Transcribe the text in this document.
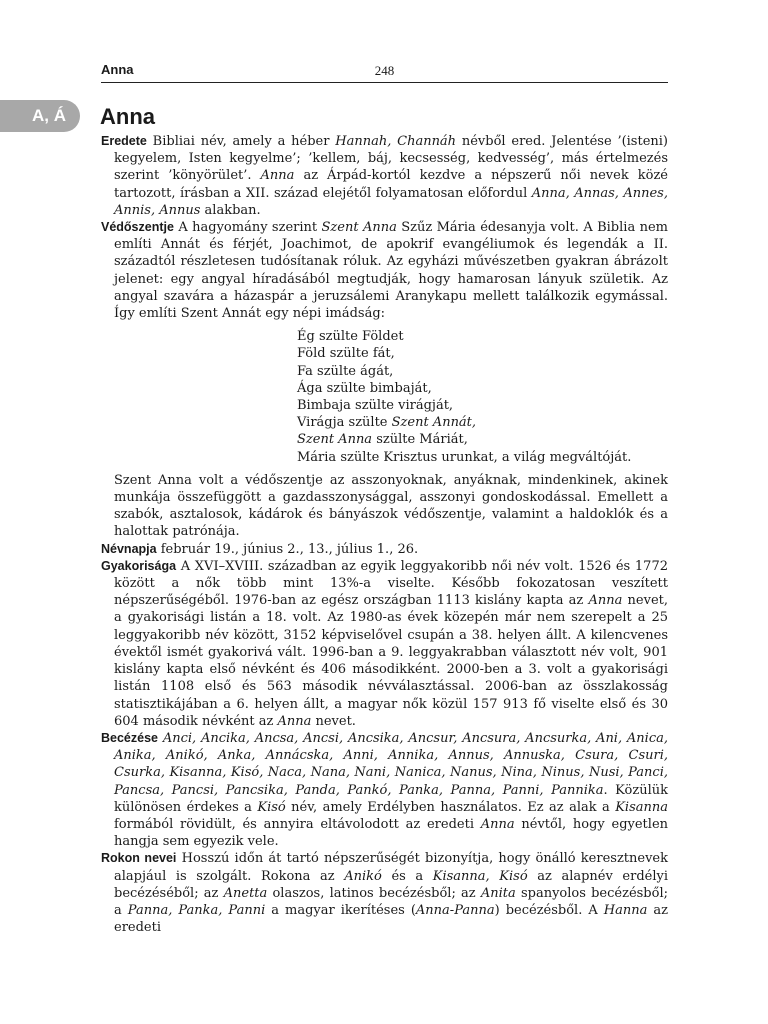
Anna	248
A, Á	Anna

Eredete Bibliai név, amely a héber Hannah, Channáh névből ered. Jelentése ’(isteni) kegyelem, Isten kegyelme’; ’kellem, báj, kecsesség, kedvesség’, más értelmezés szerint ’könyörület’. Anna az Árpád-kortól kezdve a népszerű női nevek közé tartozott, írásban a XII. század elejétől folyamatosan előfordul Anna, Annas, Annes, Annis, Annus alakban.

Védőszentje A hagyomány szerint Szent Anna Szűz Mária édesanyja volt. A Biblia nem említi Annát és férjét, Joachimot, de apokrif evangéliumok és legendák a II. századtól részletesen tudósítanak róluk. Az egyházi művészetben gyakran ábrázolt jelenet: egy angyal híradásából megtudják, hogy hamarosan lányuk születik. Az angyal szavára a házaspár a jeruzsálemi Aranykapu mellett találkozik egymással. Így említi Szent Annát egy népi imádság:

Ég szülte Földet
Föld szülte fát,
Fa szülte ágát,
Ága szülte bimbaját,
Bimbaja szülte virágját,
Virágja szülte Szent Annát,
Szent Anna szülte Máriát,
Mária szülte Krisztus urunkat, a világ megváltóját.

Szent Anna volt a védőszentje az asszonyoknak, anyáknak, mindenkinek, akinek munkája összefüggött a gazdasszonysággal, asszonyi gondoskodással. Emellett a szabók, asztalosok, kádárok és bányászok védőszentje, valamint a haldoklók és a halottak patrónája.

Névnapja február 19., június 2., 13., július 1., 26.

Gyakorisága A XVI–XVIII. században az egyik leggyakoribb női név volt. 1526 és 1772 között a nők több mint 13%-a viselte. Később fokozatosan veszített népszerűségéből. 1976-ban az egész országban 1113 kislány kapta az Anna nevet, a gyakorisági listán a 18. volt. Az 1980-as évek közepén már nem szerepelt a 25 leggyakoribb név között, 3152 képviselővel csupán a 38. helyen állt. A kilencvenes évektől ismét gyakorivá vált. 1996-ban a 9. leggyakrabban választott név volt, 901 kislány kapta első névként és 406 másodikként. 2000-ben a 3. volt a gyakorisági listán 1108 első és 563 második névválasztással. 2006-ban az összlakosság statisztikájában a 6. helyen állt, a magyar nők közül 157 913 fő viselte első és 30 604 második névként az Anna nevet.

Becézése Anci, Ancika, Ancsa, Ancsi, Ancsika, Ancsur, Ancsura, Ancsurka, Ani, Anica, Anika, Anikó, Anka, Annácska, Anni, Annika, Annus, Annuska, Csura, Csuri, Csurka, Kisanna, Kisó, Naca, Nana, Nani, Nanica, Nanus, Nina, Ninus, Nusi, Panci, Pancsa, Pancsi, Pancsika, Panda, Pankó, Panka, Panna, Panni, Pannika. Közülük különösen érdekes a Kisó név, amely Erdélyben használatos. Ez az alak a Kisanna formából rövidült, és annyira eltávolodott az eredeti Anna névtől, hogy egyetlen hangja sem egyezik vele.

Rokon nevei Hosszú időn át tartó népszerűségét bizonyítja, hogy önálló keresztnevek alapjául is szolgált. Rokona az Anikó és a Kisanna, Kisó az alapnév erdélyi becézéséből; az Anetta olaszos, latinos becézésből; az Anita spanyolos becézésből; a Panna, Panka, Panni a magyar ikerítéses (Anna-Panna) becézésből. A Hanna az eredeti
